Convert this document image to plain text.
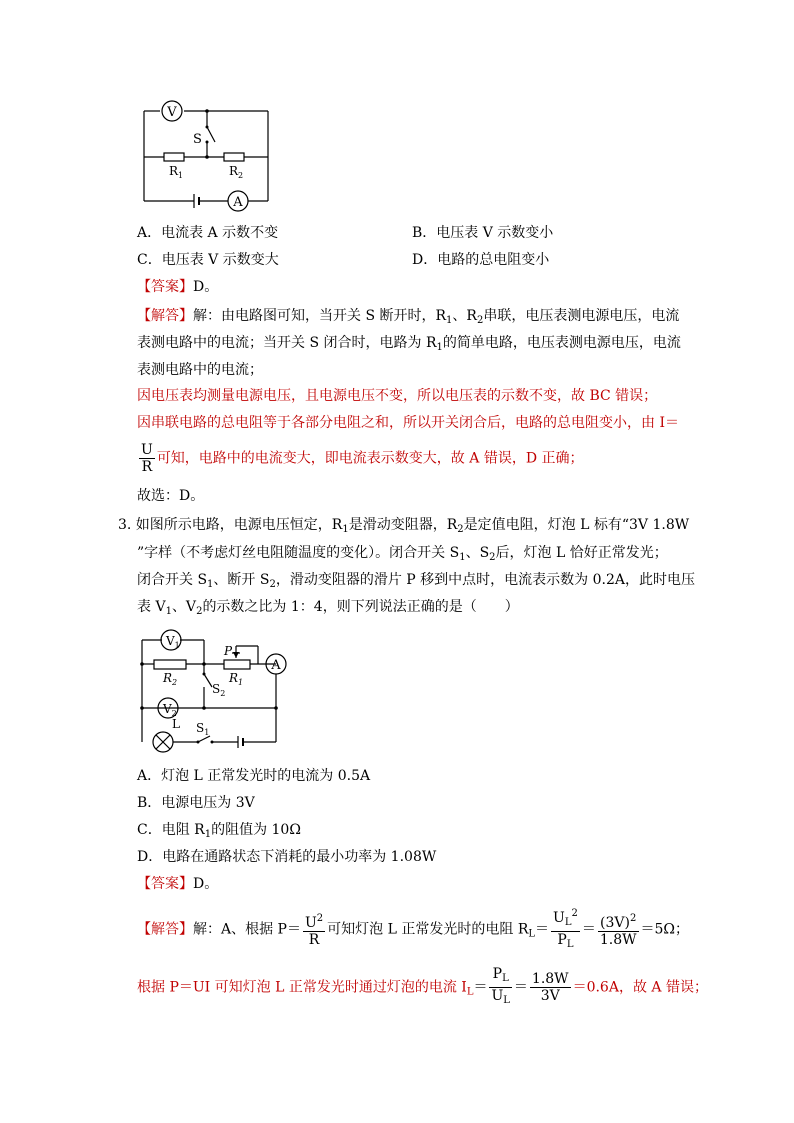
V
A
S
$R_1$	$R_2$
A．电流表 A 示数不变	B．电压表 V 示数变小
C．电压表 V 示数变大	D．电路的总电阻变小
【答案】D。
【解答】解：由电路图可知，当开关 S 断开时，$R_1$、$R_2$串联，电压表测电源电压，电流
表测电路中的电流；当开关 S 闭合时，电路为 $R_1$的简单电路，电压表测电源电压，电流
表测电路中的电流；
因电压表均测量电源电压，且电源电压不变，所以电压表的示数不变，故 BC 错误；
因串联电路的总电阻等于各部分电阻之和，所以开关闭合后，电路的总电阻变小，由 I＝
$\frac{U}{R}$ 可知，电路中的电流变大，即电流表示数变大，故 A 错误，D 正确；
故选：D。
3. 如图所示电路，电源电压恒定，$R_1$是滑动变阻器，$R_2$是定值电阻，灯泡 L 标有“3V 1.8W
”字样（不考虑灯丝电阻随温度的变化）。闭合开关 $S_1$、$S_2$后，灯泡 L 恰好正常发光；
闭合开关 $S_1$、断开 $S_2$，滑动变阻器的滑片 P 移到中点时，电流表示数为 0.2A，此时电压
表 $V_1$、$V_2$的示数之比为 1：4，则下列说法正确的是（　　）
$V_1$
$V_2$
A
P
$R_1$
$R_2$	$S_2$
L $S_1$
A．灯泡 L 正常发光时的电流为 0.5A
B．电源电压为 3V
C．电阻 $R_1$的阻值为 10Ω
D．电路在通路状态下消耗的最小功率为 1.08W
【答案】D。
【解答】解：A、根据 $P= \frac{U^2}{R}$ 可知灯泡 L 正常发光时的电阻 $R_L= \frac{U_L^2}{P_L} = \frac{(3V)^2}{1.8W} =5\Omega$；
根据 P＝UI 可知灯泡 L 正常发光时通过灯泡的电流 $I_L= \frac{P_L}{U_L} = \frac{1.8W}{3V} =0.6A$，故 A 错误；
